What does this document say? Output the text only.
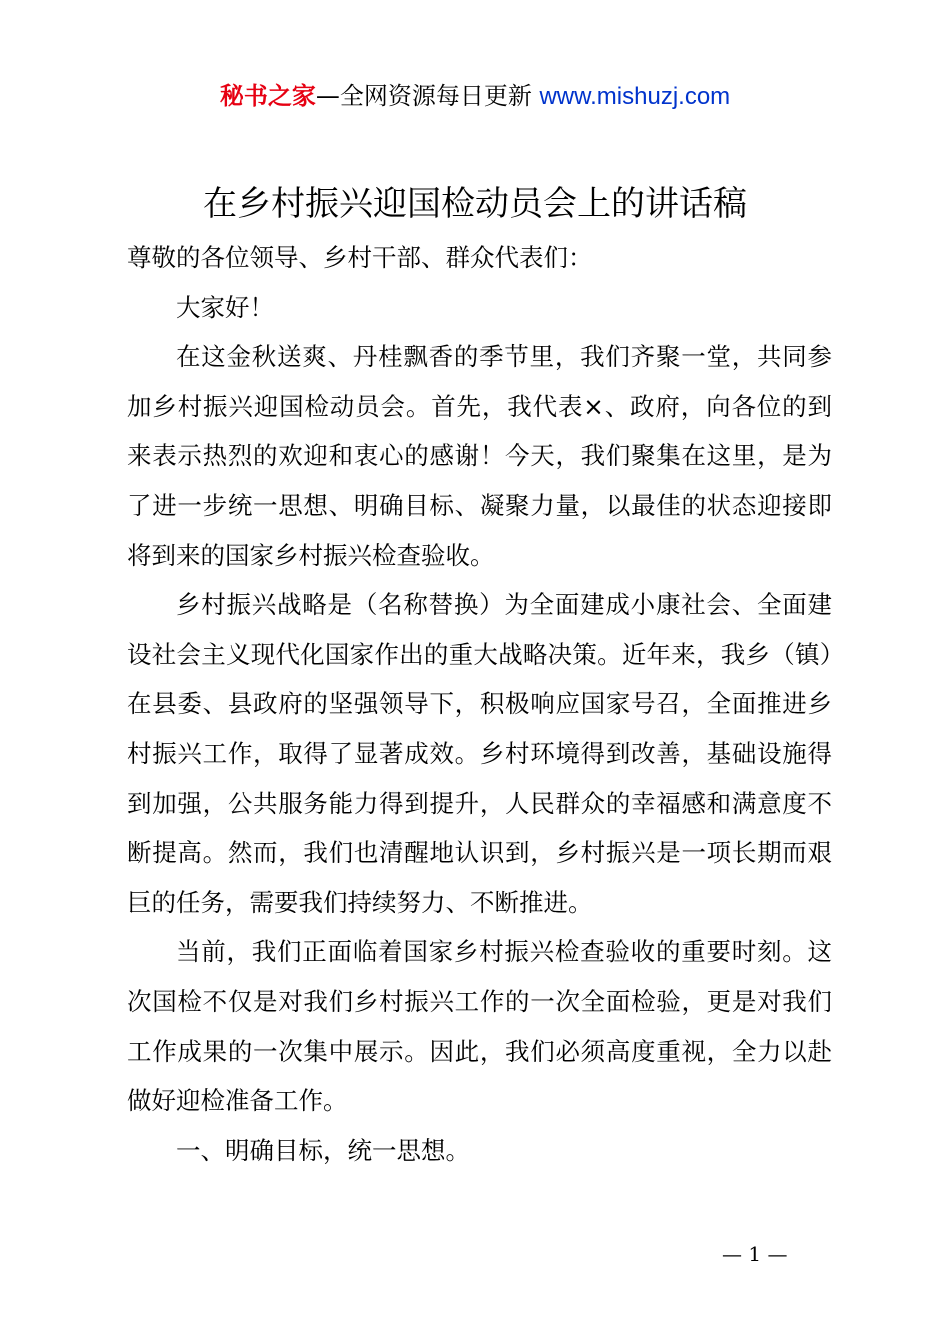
秘书之家—全网资源每日更新 www.mishuzj.com
在乡村振兴迎国检动员会上的讲话稿

尊敬的各位领导、乡村干部、群众代表们：

大家好！

在这金秋送爽、丹桂飘香的季节里，我们齐聚一堂，共同参加乡村振兴迎国检动员会。首先，我代表×、政府，向各位的到来表示热烈的欢迎和衷心的感谢！今天，我们聚集在这里，是为了进一步统一思想、明确目标、凝聚力量，以最佳的状态迎接即将到来的国家乡村振兴检查验收。

乡村振兴战略是（名称替换）为全面建成小康社会、全面建设社会主义现代化国家作出的重大战略决策。近年来，我乡（镇）在县委、县政府的坚强领导下，积极响应国家号召，全面推进乡村振兴工作，取得了显著成效。乡村环境得到改善，基础设施得到加强，公共服务能力得到提升，人民群众的幸福感和满意度不断提高。然而，我们也清醒地认识到，乡村振兴是一项长期而艰巨的任务，需要我们持续努力、不断推进。

当前，我们正面临着国家乡村振兴检查验收的重要时刻。这次国检不仅是对我们乡村振兴工作的一次全面检验，更是对我们工作成果的一次集中展示。因此，我们必须高度重视，全力以赴做好迎检准备工作。

一、明确目标，统一思想。

— 1 —
